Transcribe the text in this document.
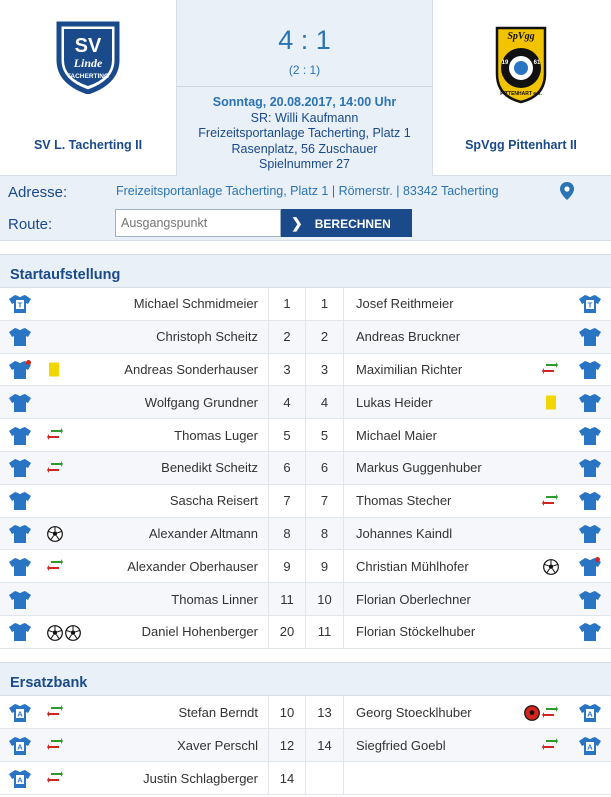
SV
Linde
TACHERTING
SV L. Tacherting II
4 : 1
(2 : 1)
Sonntag, 20.08.2017, 14:00 Uhr
SR: Willi Kaufmann
Freizeitsportanlage Tacherting, Platz 1
Rasenplatz, 56 Zuschauer
Spielnummer 27
SpVgg
19	61
PITTENHART e.V.
SpVgg Pittenhart II
Adresse:	Freizeitsportanlage Tacherting, Platz 1 | Römerstr. | 83342 Tacherting
Route:
Ausgangspunkt	❯ BERECHNEN
Startaufstellung
T	Michael Schmidmeier	1	1	Josef Reithmeier	T
Christoph Scheitz	2	2	Andreas Bruckner
Andreas Sonderhauser	3	3	Maximilian Richter
Wolfgang Grundner	4	4	Lukas Heider
Thomas Luger	5	5	Michael Maier
Benedikt Scheitz	6	6	Markus Guggenhuber
Sascha Reisert	7	7	Thomas Stecher
Alexander Altmann	8	8	Johannes Kaindl
Alexander Oberhauser	9	9	Christian Mühlhofer
Thomas Linner	11	10	Florian Oberlechner
Daniel Hohenberger	20	11	Florian Stöckelhuber
Ersatzbank
A	Stefan Berndt	10	13	Georg Stoecklhuber	A
A	Xaver Perschl	12	14	Siegfried Goebl	A
A	Justin Schlagberger	14
